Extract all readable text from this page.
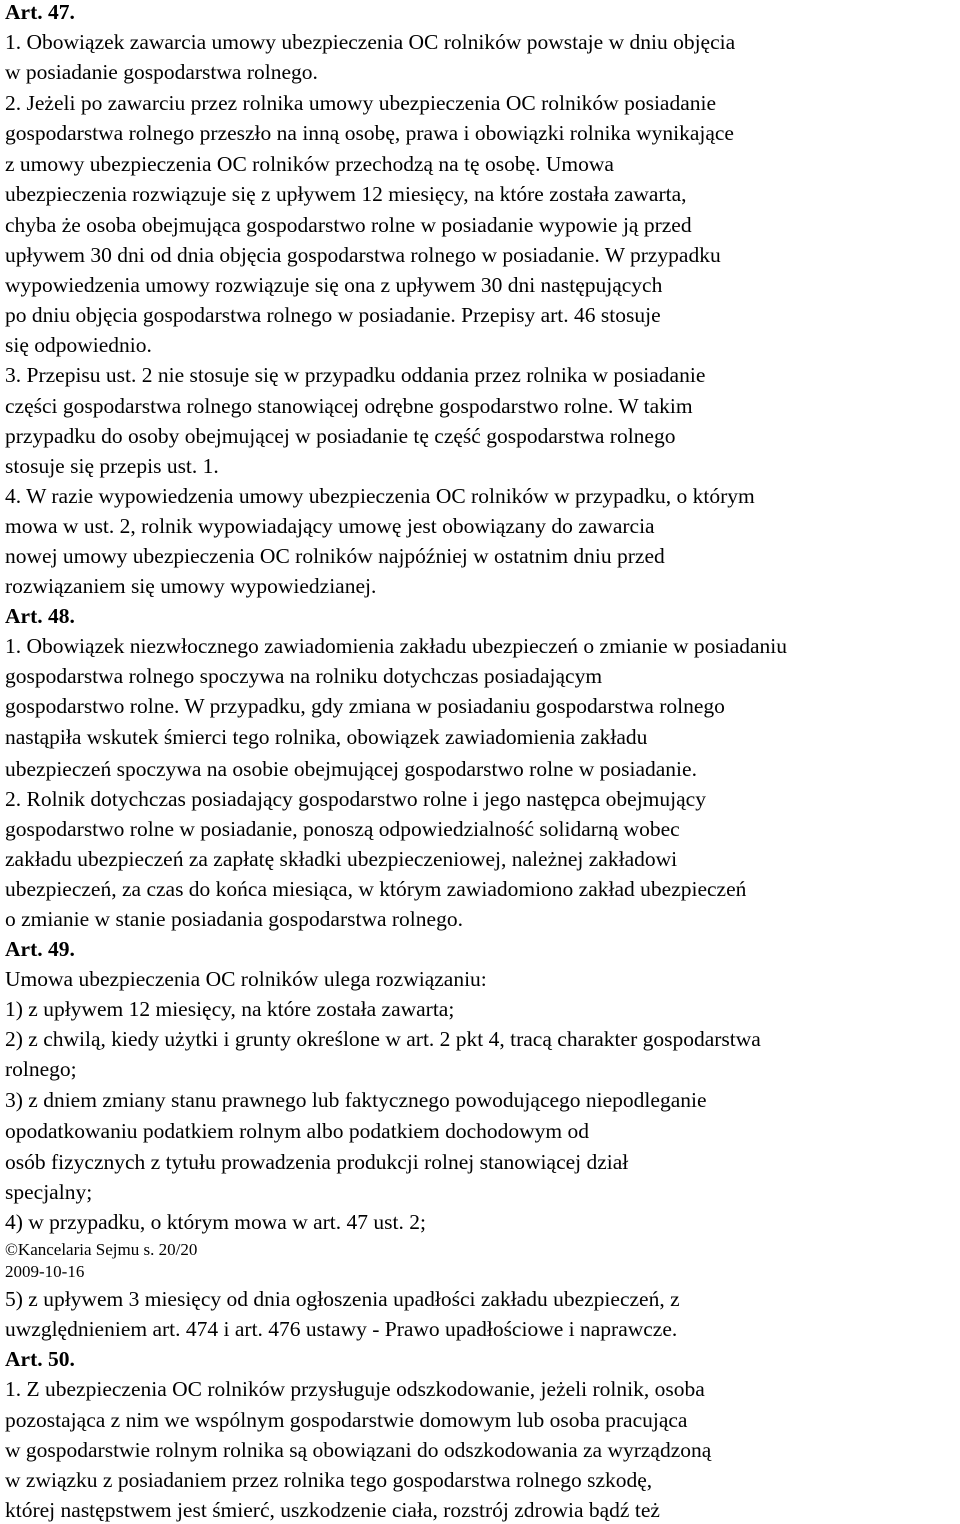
Art. 47.

1. Obowiązek zawarcia umowy ubezpieczenia OC rolników powstaje w dniu objęcia

w posiadanie gospodarstwa rolnego.

2. Jeżeli po zawarciu przez rolnika umowy ubezpieczenia OC rolników posiadanie

gospodarstwa rolnego przeszło na inną osobę, prawa i obowiązki rolnika wynikające

z umowy ubezpieczenia OC rolników przechodzą na tę osobę. Umowa

ubezpieczenia rozwiązuje się z upływem 12 miesięcy, na które została zawarta,

chyba że osoba obejmująca gospodarstwo rolne w posiadanie wypowie ją przed

upływem 30 dni od dnia objęcia gospodarstwa rolnego w posiadanie. W przypadku

wypowiedzenia umowy rozwiązuje się ona z upływem 30 dni następujących

po dniu objęcia gospodarstwa rolnego w posiadanie. Przepisy art. 46 stosuje

się odpowiednio.

3. Przepisu ust. 2 nie stosuje się w przypadku oddania przez rolnika w posiadanie

części gospodarstwa rolnego stanowiącej odrębne gospodarstwo rolne. W takim

przypadku do osoby obejmującej w posiadanie tę część gospodarstwa rolnego

stosuje się przepis ust. 1.

4. W razie wypowiedzenia umowy ubezpieczenia OC rolników w przypadku, o którym

mowa w ust. 2, rolnik wypowiadający umowę jest obowiązany do zawarcia

nowej umowy ubezpieczenia OC rolników najpóźniej w ostatnim dniu przed

rozwiązaniem się umowy wypowiedzianej.

Art. 48.

1. Obowiązek niezwłocznego zawiadomienia zakładu ubezpieczeń o zmianie w posiadaniu

gospodarstwa rolnego spoczywa na rolniku dotychczas posiadającym

gospodarstwo rolne. W przypadku, gdy zmiana w posiadaniu gospodarstwa rolnego

nastąpiła wskutek śmierci tego rolnika, obowiązek zawiadomienia zakładu

ubezpieczeń spoczywa na osobie obejmującej gospodarstwo rolne w posiadanie.

2. Rolnik dotychczas posiadający gospodarstwo rolne i jego następca obejmujący

gospodarstwo rolne w posiadanie, ponoszą odpowiedzialność solidarną wobec

zakładu ubezpieczeń za zapłatę składki ubezpieczeniowej, należnej zakładowi

ubezpieczeń, za czas do końca miesiąca, w którym zawiadomiono zakład ubezpieczeń

o zmianie w stanie posiadania gospodarstwa rolnego.

Art. 49.

Umowa ubezpieczenia OC rolników ulega rozwiązaniu:

1) z upływem 12 miesięcy, na które została zawarta;

2) z chwilą, kiedy użytki i grunty określone w art. 2 pkt 4, tracą charakter gospodarstwa

rolnego;

3) z dniem zmiany stanu prawnego lub faktycznego powodującego niepodleganie

opodatkowaniu podatkiem rolnym albo podatkiem dochodowym od

osób fizycznych z tytułu prowadzenia produkcji rolnej stanowiącej dział

specjalny;

4) w przypadku, o którym mowa w art. 47 ust. 2;

©Kancelaria Sejmu s. 20/20

2009-10-16

5) z upływem 3 miesięcy od dnia ogłoszenia upadłości zakładu ubezpieczeń, z

uwzględnieniem art. 474 i art. 476 ustawy - Prawo upadłościowe i naprawcze.

Art. 50.

1. Z ubezpieczenia OC rolników przysługuje odszkodowanie, jeżeli rolnik, osoba

pozostająca z nim we wspólnym gospodarstwie domowym lub osoba pracująca

w gospodarstwie rolnym rolnika są obowiązani do odszkodowania za wyrządzoną

w związku z posiadaniem przez rolnika tego gospodarstwa rolnego szkodę,

której następstwem jest śmierć, uszkodzenie ciała, rozstrój zdrowia bądź też
